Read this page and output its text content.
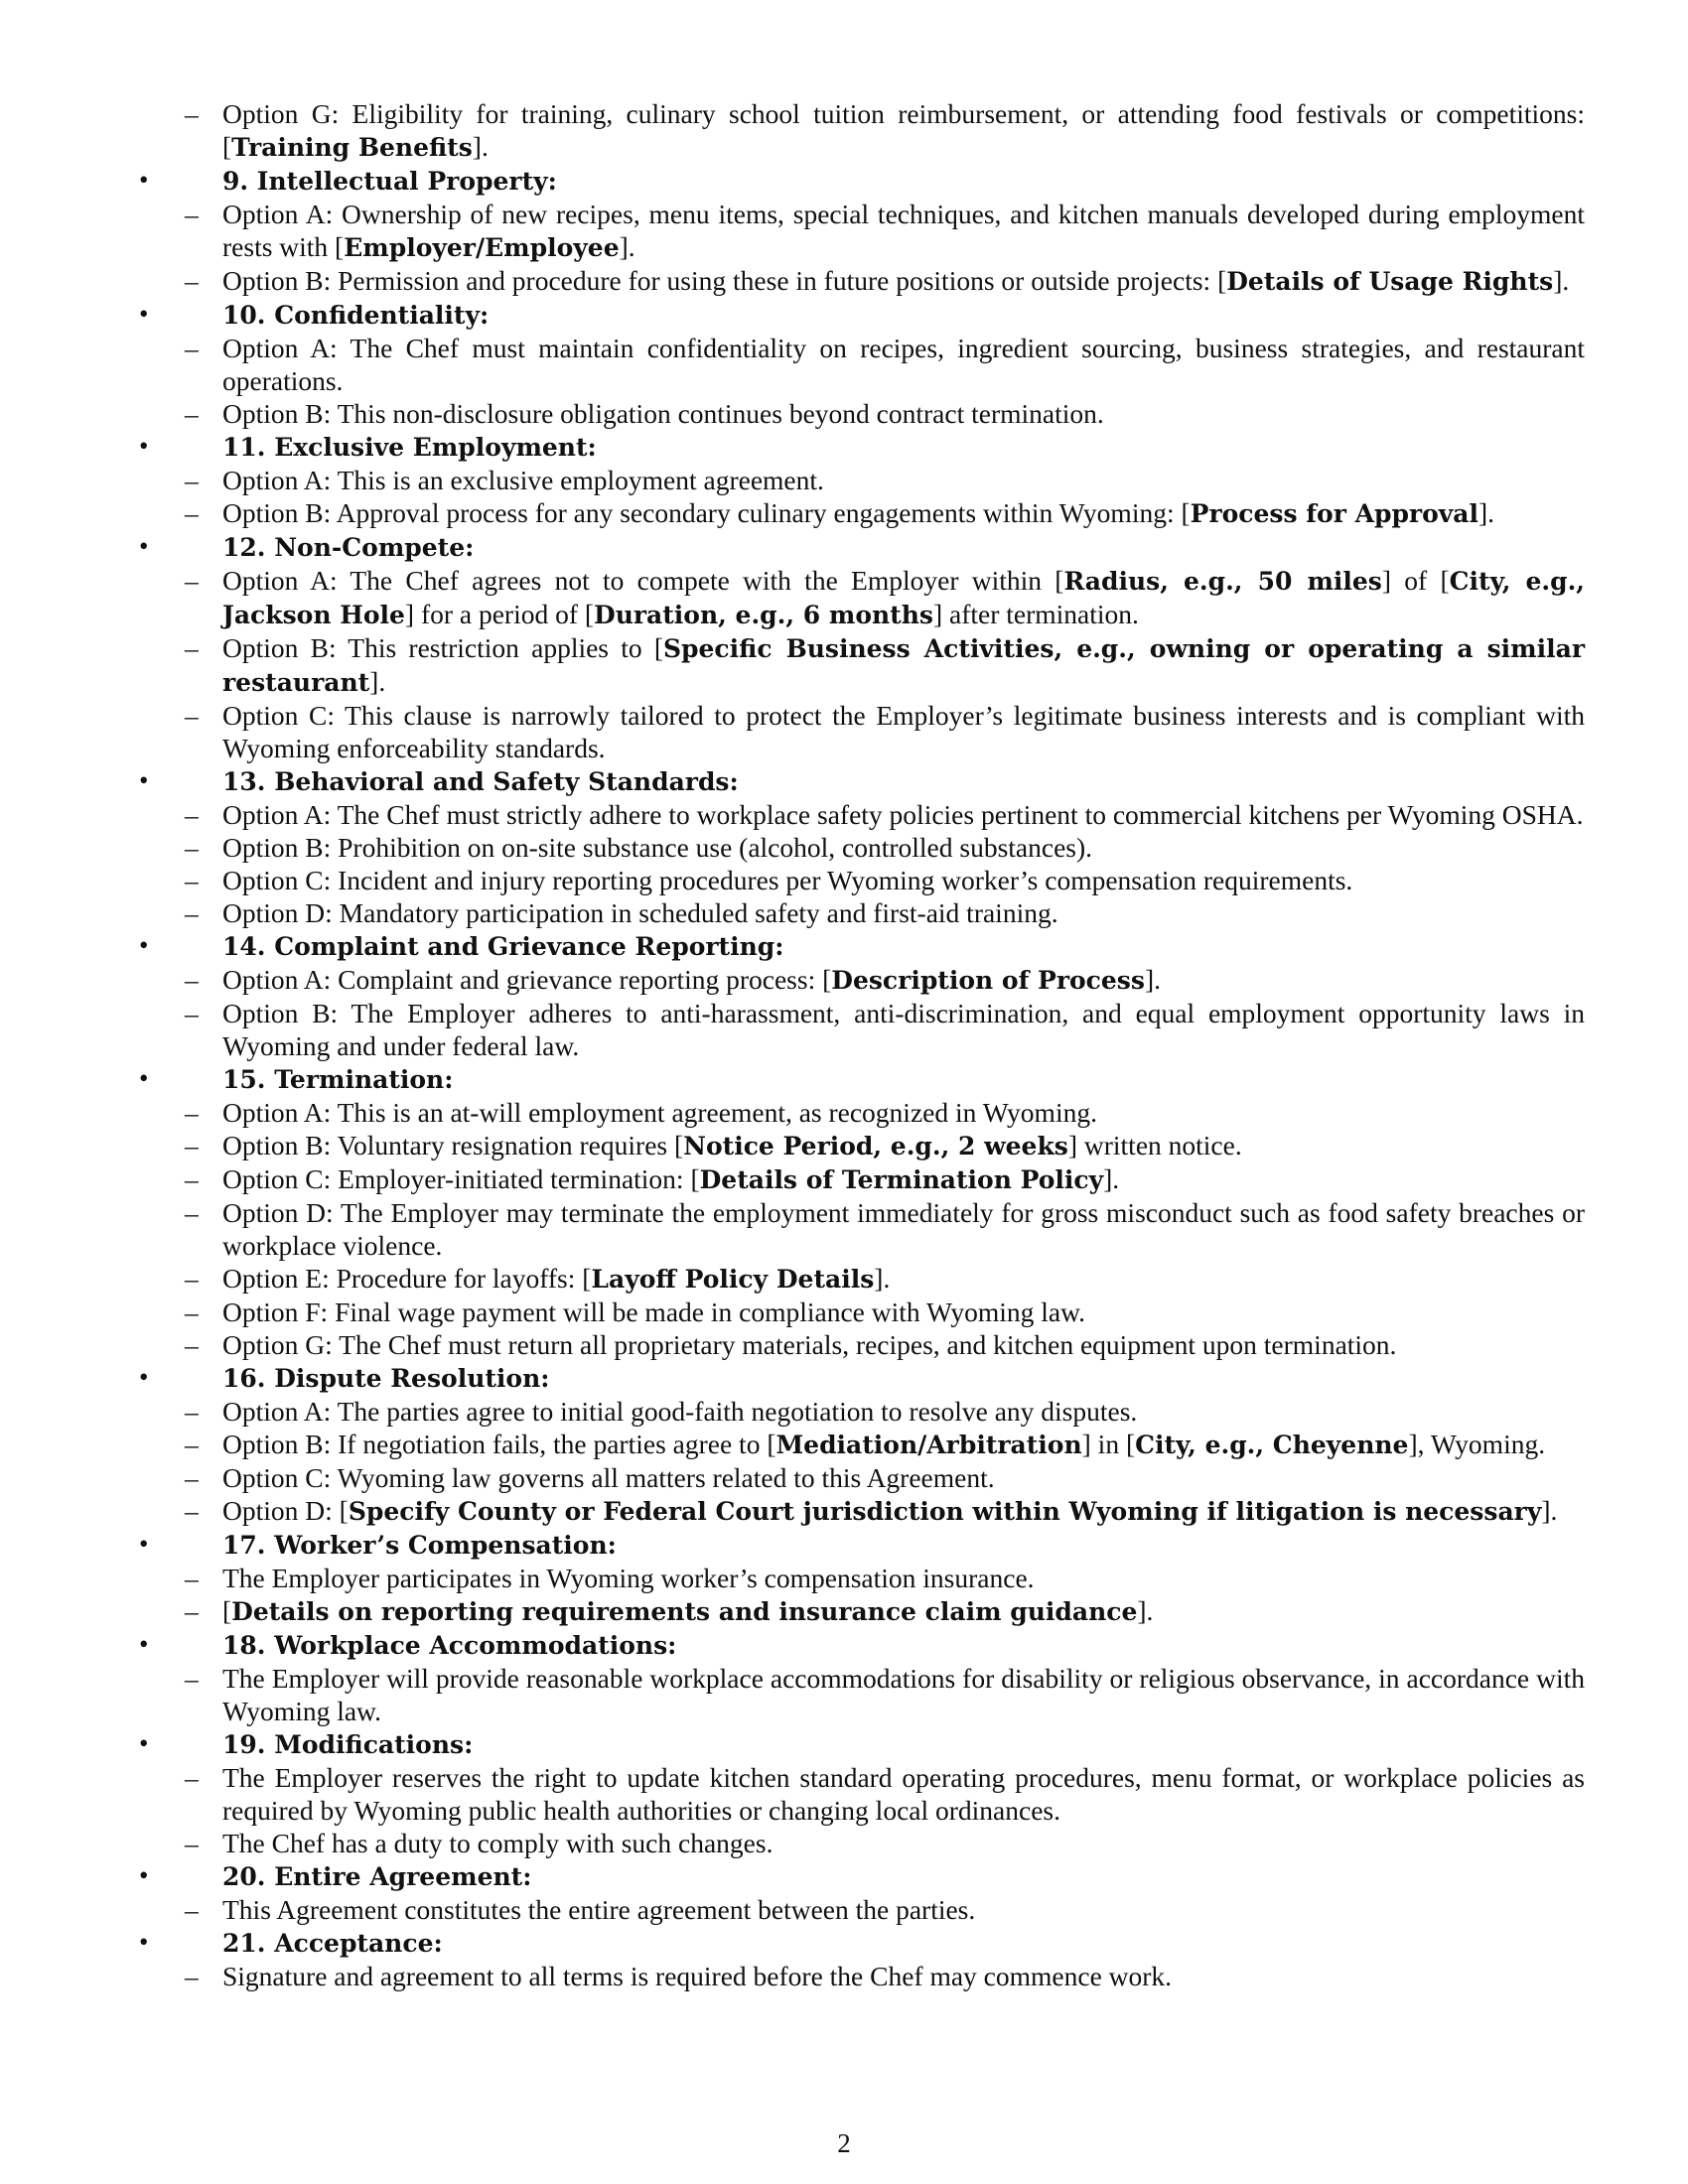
– Option G: Eligibility for training, culinary school tuition reimbursement, or attending food festivals or competitions: [Training Benefits].
•	9. Intellectual Property:
– Option A: Ownership of new recipes, menu items, special techniques, and kitchen manuals developed during employment rests with [Employer/Employee].
– Option B: Permission and procedure for using these in future positions or outside projects: [Details of Usage Rights].
•	10. Confidentiality:
– Option A: The Chef must maintain confidentiality on recipes, ingredient sourcing, business strategies, and restaurant operations.
– Option B: This non-disclosure obligation continues beyond contract termination.
•	11. Exclusive Employment:
– Option A: This is an exclusive employment agreement.
– Option B: Approval process for any secondary culinary engagements within Wyoming: [Process for Approval].
•	12. Non-Compete:
– Option A: The Chef agrees not to compete with the Employer within [Radius, e.g., 50 miles] of [City, e.g., Jackson Hole] for a period of [Duration, e.g., 6 months] after termination.
– Option B: This restriction applies to [Specific Business Activities, e.g., owning or operating a similar restaurant].
– Option C: This clause is narrowly tailored to protect the Employer’s legitimate business interests and is compliant with Wyoming enforceability standards.
•	13. Behavioral and Safety Standards:
– Option A: The Chef must strictly adhere to workplace safety policies pertinent to commercial kitchens per Wyoming OSHA.
– Option B: Prohibition on on-site substance use (alcohol, controlled substances).
– Option C: Incident and injury reporting procedures per Wyoming worker’s compensation requirements.
– Option D: Mandatory participation in scheduled safety and first-aid training.
•	14. Complaint and Grievance Reporting:
– Option A: Complaint and grievance reporting process: [Description of Process].
– Option B: The Employer adheres to anti-harassment, anti-discrimination, and equal employment opportunity laws in Wyoming and under federal law.
•	15. Termination:
– Option A: This is an at-will employment agreement, as recognized in Wyoming.
– Option B: Voluntary resignation requires [Notice Period, e.g., 2 weeks] written notice.
– Option C: Employer-initiated termination: [Details of Termination Policy].
– Option D: The Employer may terminate the employment immediately for gross misconduct such as food safety breaches or workplace violence.
– Option E: Procedure for layoffs: [Layoff Policy Details].
– Option F: Final wage payment will be made in compliance with Wyoming law.
– Option G: The Chef must return all proprietary materials, recipes, and kitchen equipment upon termination.
•	16. Dispute Resolution:
– Option A: The parties agree to initial good-faith negotiation to resolve any disputes.
– Option B: If negotiation fails, the parties agree to [Mediation/Arbitration] in [City, e.g., Cheyenne], Wyoming.
– Option C: Wyoming law governs all matters related to this Agreement.
– Option D: [Specify County or Federal Court jurisdiction within Wyoming if litigation is necessary].
•	17. Worker’s Compensation:
– The Employer participates in Wyoming worker’s compensation insurance.
– [Details on reporting requirements and insurance claim guidance].
•	18. Workplace Accommodations:
– The Employer will provide reasonable workplace accommodations for disability or religious observance, in accordance with Wyoming law.
•	19. Modifications:
– The Employer reserves the right to update kitchen standard operating procedures, menu format, or workplace policies as required by Wyoming public health authorities or changing local ordinances.
– The Chef has a duty to comply with such changes.
•	20. Entire Agreement:
– This Agreement constitutes the entire agreement between the parties.
•	21. Acceptance:
– Signature and agreement to all terms is required before the Chef may commence work.
2
